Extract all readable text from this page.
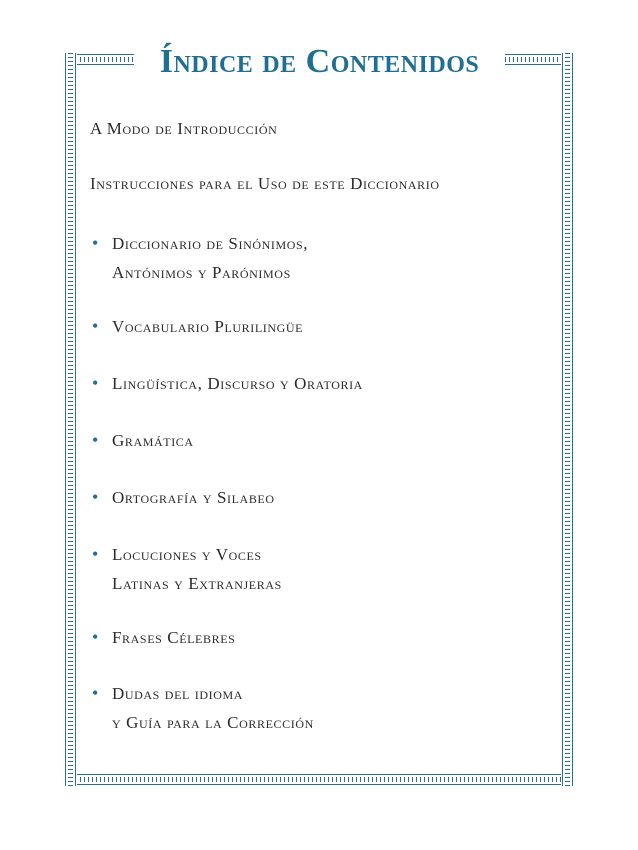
Índice de Contenidos
A Modo de Introducción
Instrucciones para el Uso de este Diccionario
• Diccionario de Sinónimos,
Antónimos y Parónimos
• Vocabulario Plurilingüe
• Lingüística, Discurso y Oratoria
• Gramática
• Ortografía y Silabeo
• Locuciones y Voces
Latinas y Extranjeras
• Frases Célebres
• Dudas del idioma
y Guía para la Corrección
